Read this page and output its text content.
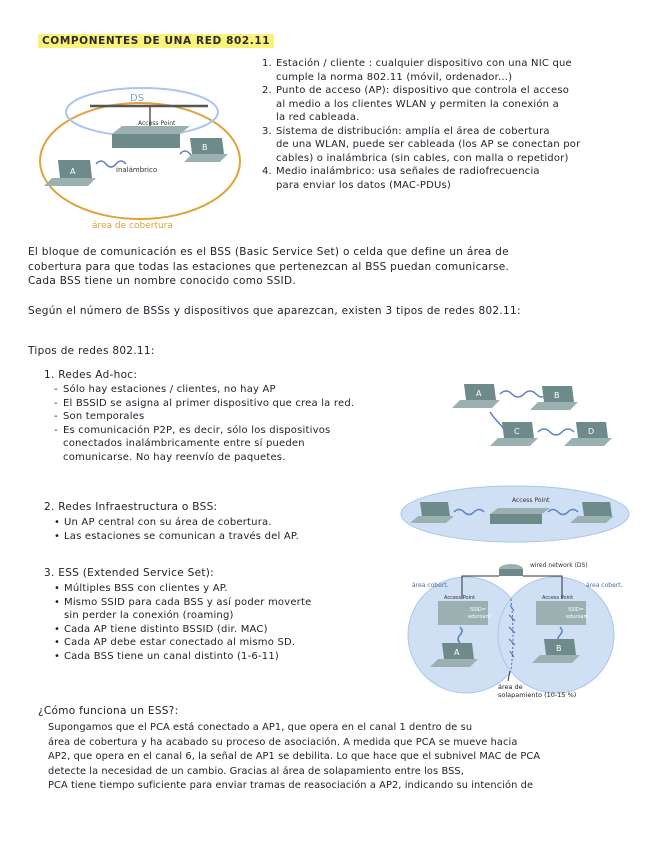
COMPONENTES DE UNA RED 802.11
DS
Access Point
A
B
inalámbrico
área de cobertura
1. Estación / cliente : cualquier dispositivo con una NIC que
cumple la norma 802.11 (móvil, ordenador...)
2. Punto de acceso (AP): dispositivo que controla el acceso
al medio a los clientes WLAN y permiten la conexión a
la red cableada.
3. Sistema de distribución: amplía el área de cobertura
de una WLAN, puede ser cableada (los AP se conectan por
cables) o inalámbrica (sin cables, con malla o repetidor)
4. Medio inalámbrico: usa señales de radiofrecuencia
para enviar los datos (MAC-PDUs)
El bloque de comunicación es el BSS (Basic Service Set) o celda que define un área de
cobertura para que todas las estaciones que pertenezcan al BSS puedan comunicarse.
Cada BSS tiene un nombre conocido como SSID.
Según el número de BSSs y dispositivos que aparezcan, existen 3 tipos de redes 802.11:
Tipos de redes 802.11:
1. Redes Ad-hoc:
- Sólo hay estaciones / clientes, no hay AP
- El BSSID se asigna al primer dispositivo que crea la red.
- Son temporales
- Es comunicación P2P, es decir, sólo los dispositivos
conectados inalámbricamente entre sí pueden
comunicarse. No hay reenvío de paquetes.
A	B
C	D
2. Redes Infraestructura o BSS:
• Un AP central con su área de cobertura.
• Las estaciones se comunican a través del AP.
Access Point
3. ESS (Extended Service Set):
• Múltiples BSS con clientes y AP.
• Mismo SSID para cada BSS y así poder moverte
sin perder la conexión (roaming)
• Cada AP tiene distinto BSSID (dir. MAC)
• Cada AP debe estar conectado al mismo SD.
• Cada BSS tiene un canal distinto (1-6-11)
wired network (DS)
área cobert.	área cobert.
Access Point
SSID=
eduroam
Access Point
SSID=
eduroam
A	B
área de
solapamiento (10-15 %)
¿Cómo funciona un ESS?:
Supongamos que el PCA está conectado a AP1, que opera en el canal 1 dentro de su
área de cobertura y ha acabado su proceso de asociación. A medida que PCA se mueve hacia
AP2, que opera en el canal 6, la señal de AP1 se debilita. Lo que hace que el subnivel MAC de PCA
detecte la necesidad de un cambio. Gracias al área de solapamiento entre los BSS,
PCA tiene tiempo suficiente para enviar tramas de reasociación a AP2, indicando su intención de
